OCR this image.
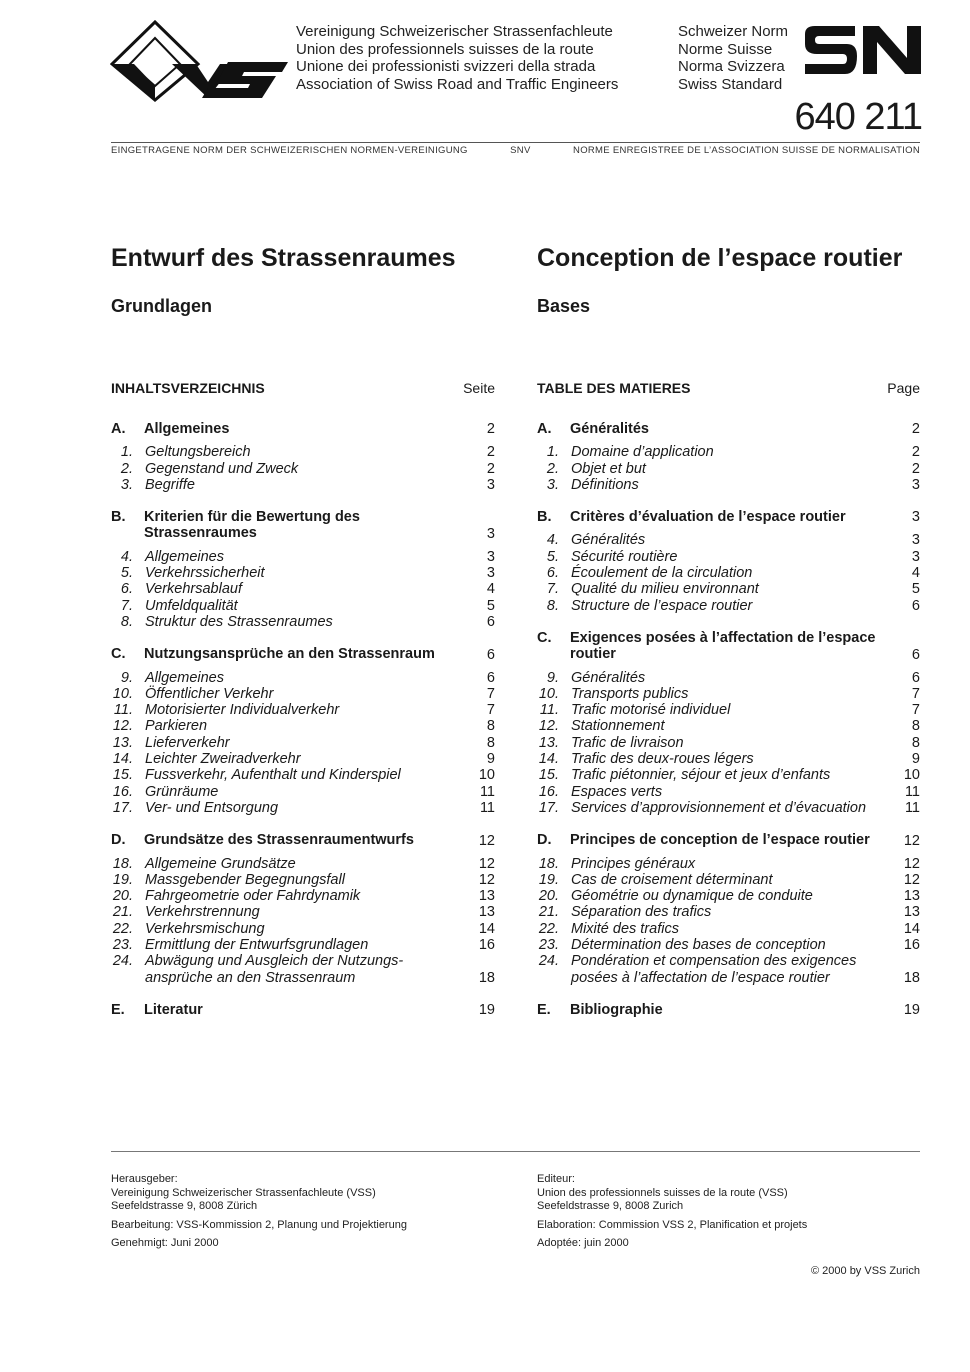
Vereinigung Schweizerischer Strassenfachleute
Union des professionnels suisses de la route
Unione dei professionisti svizzeri della strada
Association of Swiss Road and Traffic Engineers
Schweizer Norm
Norme Suisse
Norma Svizzera
Swiss Standard
640 211
EINGETRAGENE NORM DER SCHWEIZERISCHEN NORMEN-VEREINIGUNG	SNV	NORME ENREGISTREE DE L’ASSOCIATION SUISSE DE NORMALISATION
Entwurf des Strassenraumes	Conception de l’espace routier
Grundlagen	Bases
INHALTSVERZEICHNIS	Seite	TABLE DES MATIERES	Page
A.	Allgemeines	2
1. Geltungsbereich	2
2. Gegenstand und Zweck	2
3. Begriffe	3
B.	Kriterien für die Bewertung des Strassenraumes	3
4. Allgemeines	3
5. Verkehrssicherheit	3
6. Verkehrsablauf	4
7. Umfeldqualität	5
8. Struktur des Strassenraumes	6
C.	Nutzungsansprüche an den Strassenraum	6
9. Allgemeines	6
10. Öffentlicher Verkehr	7
11. Motorisierter Individualverkehr	7
12. Parkieren	8
13. Lieferverkehr	8
14. Leichter Zweiradverkehr	9
15. Fussverkehr, Aufenthalt und Kinderspiel	10
16. Grünräume	11
17. Ver- und Entsorgung	11
D.	Grundsätze des Strassenraumentwurfs	12
18. Allgemeine Grundsätze	12
19. Massgebender Begegnungsfall	12
20. Fahrgeometrie oder Fahrdynamik	13
21. Verkehrstrennung	13
22. Verkehrsmischung	14
23. Ermittlung der Entwurfsgrundlagen	16
24. Abwägung und Ausgleich der Nutzungs- ansprüche an den Strassenraum	18
E.	Literatur	19
A.	Généralités	2
1. Domaine d’application	2
2. Objet et but	2
3. Définitions	3
B.	Critères d’évaluation de l’espace routier	3
4. Généralités	3
5. Sécurité routière	3
6. Écoulement de la circulation	4
7. Qualité du milieu environnant	5
8. Structure de l’espace routier	6
C.	Exigences posées à l’affectation de l’espace routier	6
9. Généralités	6
10. Transports publics	7
11. Trafic motorisé individuel	7
12. Stationnement	8
13. Trafic de livraison	8
14. Trafic des deux-roues légers	9
15. Trafic piétonnier, séjour et jeux d’enfants	10
16. Espaces verts	11
17. Services d’approvisionnement et d’évacuation	11
D.	Principes de conception de l’espace routier	12
18. Principes généraux	12
19. Cas de croisement déterminant	12
20. Géométrie ou dynamique de conduite	13
21. Séparation des trafics	13
22. Mixité des trafics	14
23. Détermination des bases de conception	16
24. Pondération et compensation des exigences posées à l’affectation de l’espace routier	18
E.	Bibliographie	19

Herausgeber:
Vereinigung Schweizerischer Strassenfachleute (VSS)
Seefeldstrasse 9, 8008 Zürich

Bearbeitung: VSS-Kommission 2, Planung und Projektierung

Genehmigt: Juni 2000

Editeur:
Union des professionnels suisses de la route (VSS)
Seefeldstrasse 9, 8008 Zurich

Elaboration: Commission VSS 2, Planification et projets

Adoptée: juin 2000

© 2000 by VSS Zurich
